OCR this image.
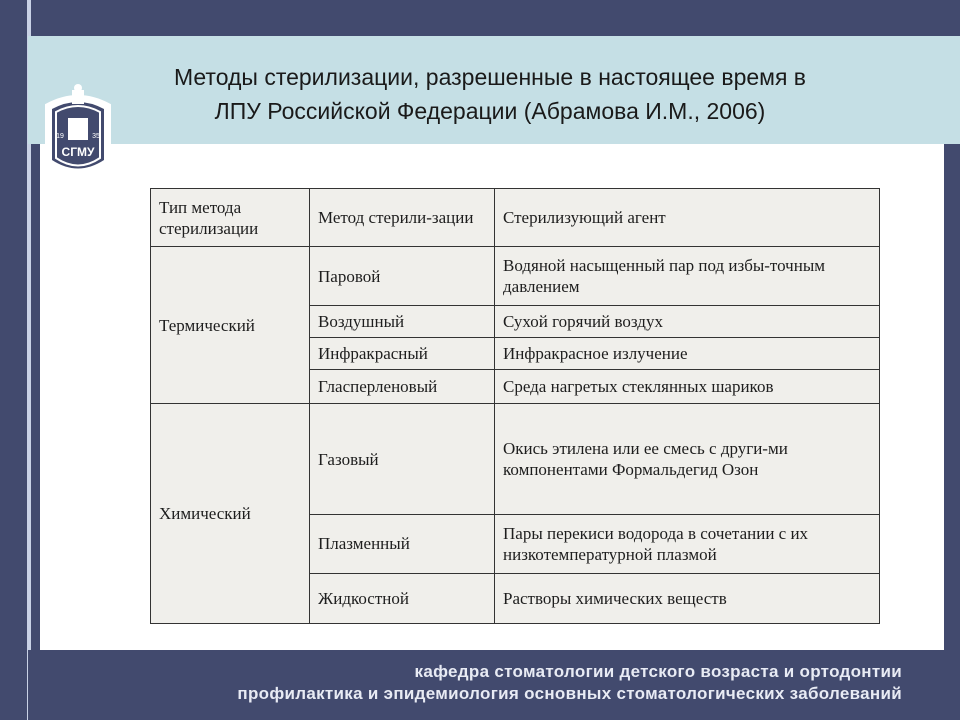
Методы стерилизации, разрешенные в настоящее время в
ЛПУ Российской Федерации (Абрамова И.М., 2006)
СГМУ
19	35
Тип метода стерилизации	Метод стерили-зации	Стерилизующий агент
Термический	Паровой	Водяной насыщенный пар под избы-точным давлением
	Воздушный	Сухой горячий воздух
	Инфракрасный	Инфракрасное излучение
	Гласперленовый	Среда нагретых стеклянных шариков
Химический	Газовый	Окись этилена или ее смесь с други-ми компонентами Формальдегид Озон
	Плазменный	Пары перекиси водорода в сочетании с их низкотемпературной плазмой
	Жидкостной	Растворы химических веществ
кафедра стоматологии детского возраста и ортодонтии
профилактика и эпидемиология основных стоматологических заболеваний
